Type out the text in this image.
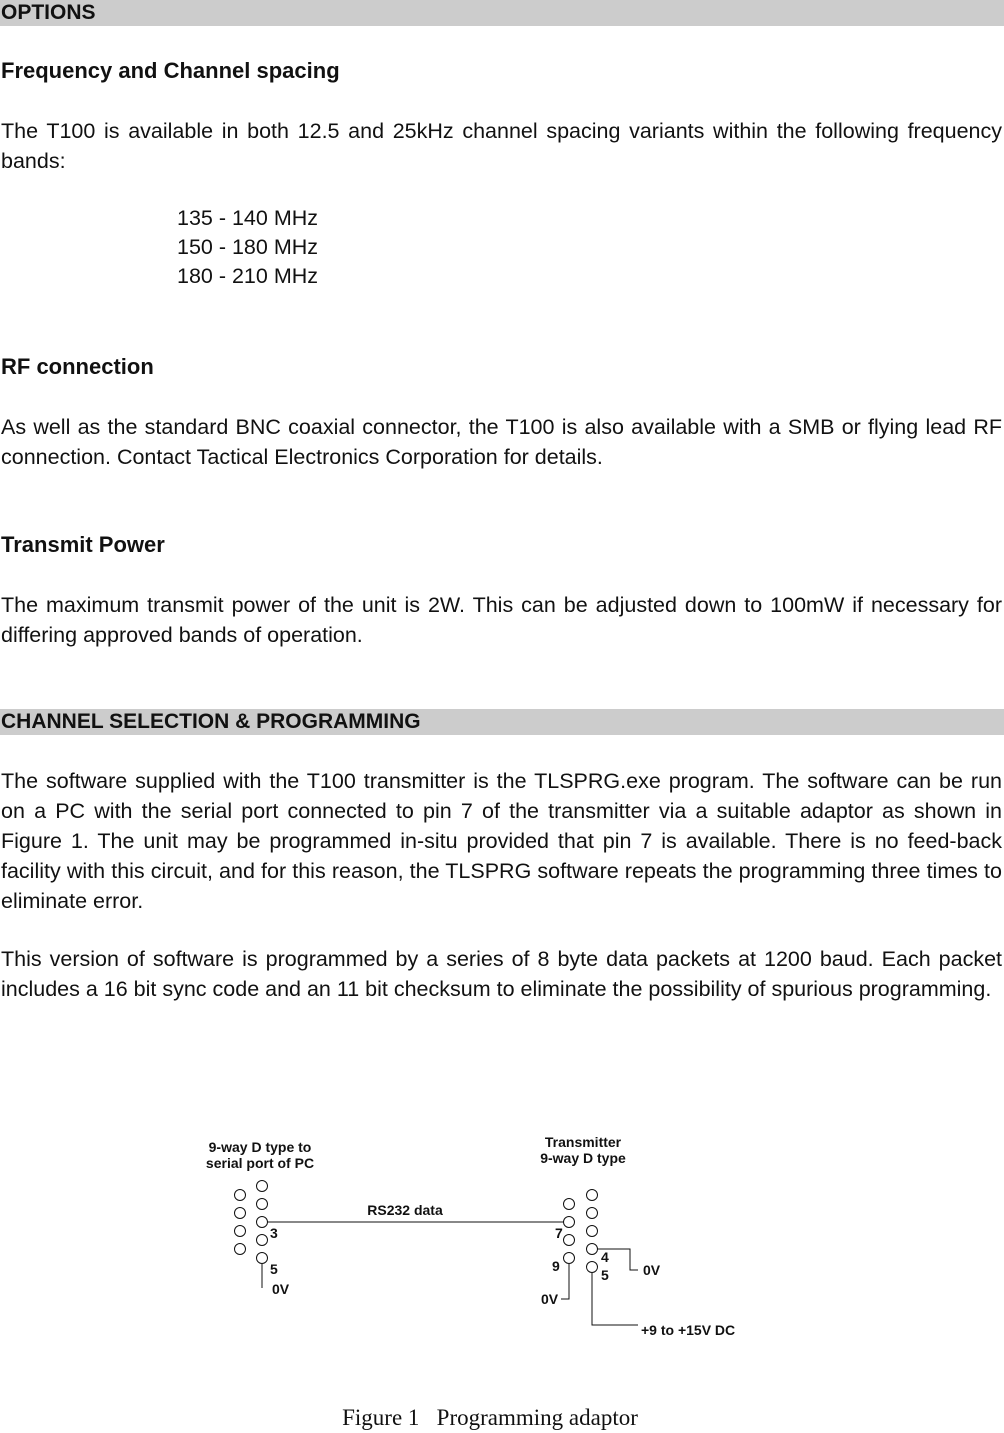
OPTIONS
Frequency and Channel spacing
The T100 is available in both 12.5 and 25kHz channel spacing variants within the following frequency bands:
135 - 140 MHz
150 - 180 MHz
180 - 210 MHz
RF connection
As well as the standard BNC coaxial connector, the T100 is also available with a SMB or flying lead RF connection. Contact Tactical Electronics Corporation for details.
Transmit Power
The maximum transmit power of the unit is 2W. This can be adjusted down to 100mW if necessary for differing approved bands of operation.
CHANNEL SELECTION & PROGRAMMING
The software supplied with the T100 transmitter is the TLSPRG.exe program. The software can be run on a PC with the serial port connected to pin 7 of the transmitter via a suitable adaptor as shown in Figure 1. The unit may be programmed in-situ provided that pin 7 is available. There is no feed-back facility with this circuit, and for this reason, the TLSPRG software repeats the programming three times to eliminate error.
This version of software is programmed by a series of 8 byte data packets at 1200 baud. Each packet includes a 16 bit sync code and an 11 bit checksum to eliminate the possibility of spurious programming.
9-way D type to
serial port of PC
3
5
0V
RS232 data
Transmitter
9-way D type
7
9
4
5
0V
0V
+9 to +15V DC
Figure 1   Programming adaptor
